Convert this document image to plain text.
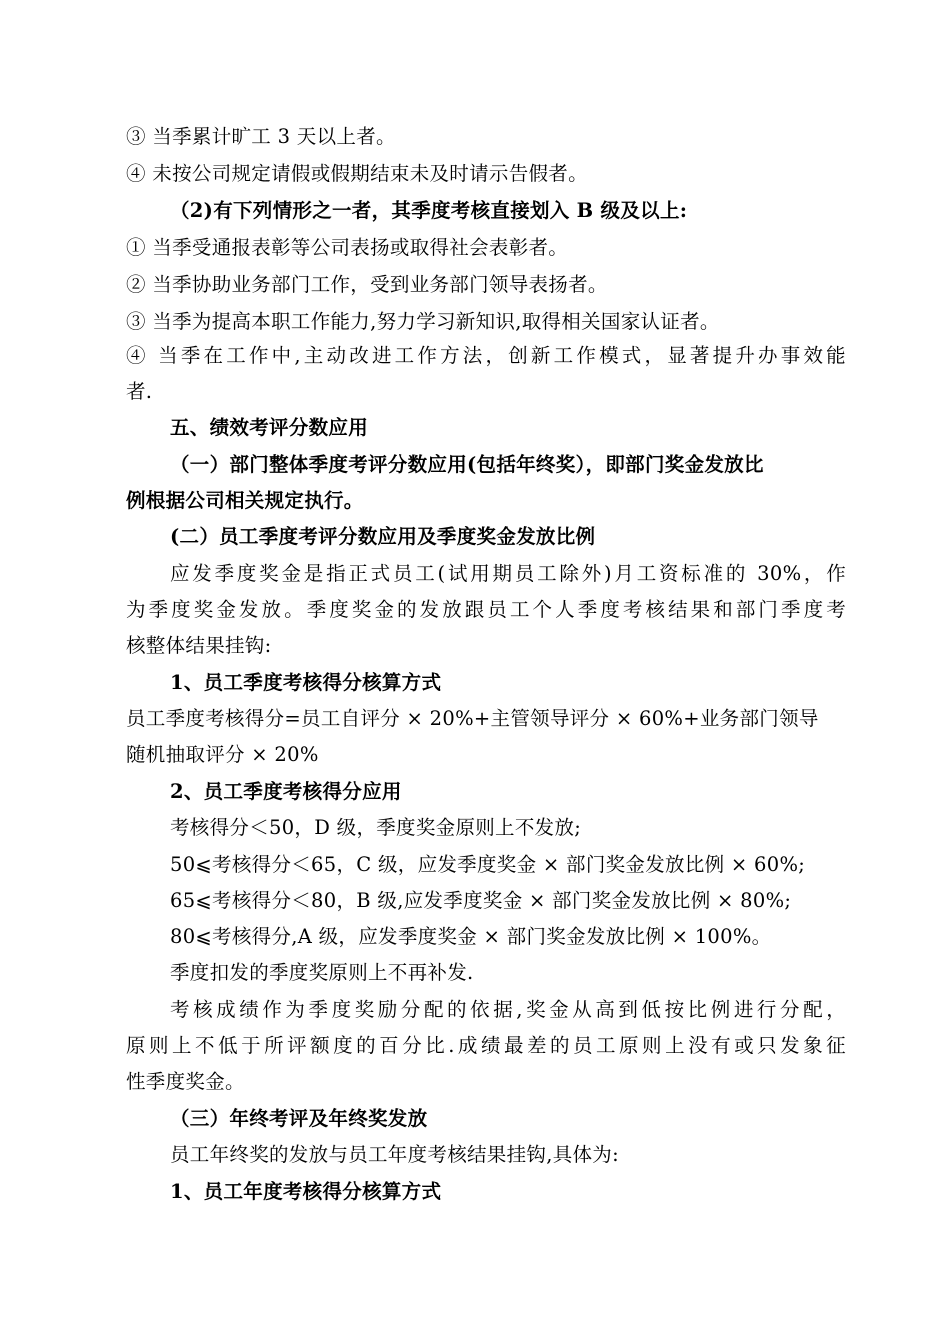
③ 当季累计旷工 3 天以上者。
④ 未按公司规定请假或假期结束未及时请示告假者。
（2)有下列情形之一者，其季度考核直接划入 B 级及以上:
① 当季受通报表彰等公司表扬或取得社会表彰者。
② 当季协助业务部门工作，受到业务部门领导表扬者。
③ 当季为提高本职工作能力,努力学习新知识,取得相关国家认证者。
④ 当季在工作中,主动改进工作方法，创新工作模式，显著提升办事效能
者.
五、绩效考评分数应用
（一）部门整体季度考评分数应用(包括年终奖），即部门奖金发放比
例根据公司相关规定执行。
(二）员工季度考评分数应用及季度奖金发放比例
应发季度奖金是指正式员工(试用期员工除外)月工资标准的 30%，作
为季度奖金发放。季度奖金的发放跟员工个人季度考核结果和部门季度考
核整体结果挂钩:
1、员工季度考核得分核算方式
员工季度考核得分=员工自评分 × 20%+主管领导评分 × 60%+业务部门领导
随机抽取评分 × 20%
2、员工季度考核得分应用
考核得分＜50，D 级，季度奖金原则上不发放;
50⩽考核得分＜65，C 级，应发季度奖金 × 部门奖金发放比例 × 60%;
65⩽考核得分＜80，B 级,应发季度奖金 × 部门奖金发放比例 × 80%;
80⩽考核得分,A 级，应发季度奖金 × 部门奖金发放比例 × 100%。
季度扣发的季度奖原则上不再补发.
考核成绩作为季度奖励分配的依据,奖金从高到低按比例进行分配，
原则上不低于所评额度的百分比.成绩最差的员工原则上没有或只发象征
性季度奖金。
（三）年终考评及年终奖发放
员工年终奖的发放与员工年度考核结果挂钩,具体为:
1、员工年度考核得分核算方式
